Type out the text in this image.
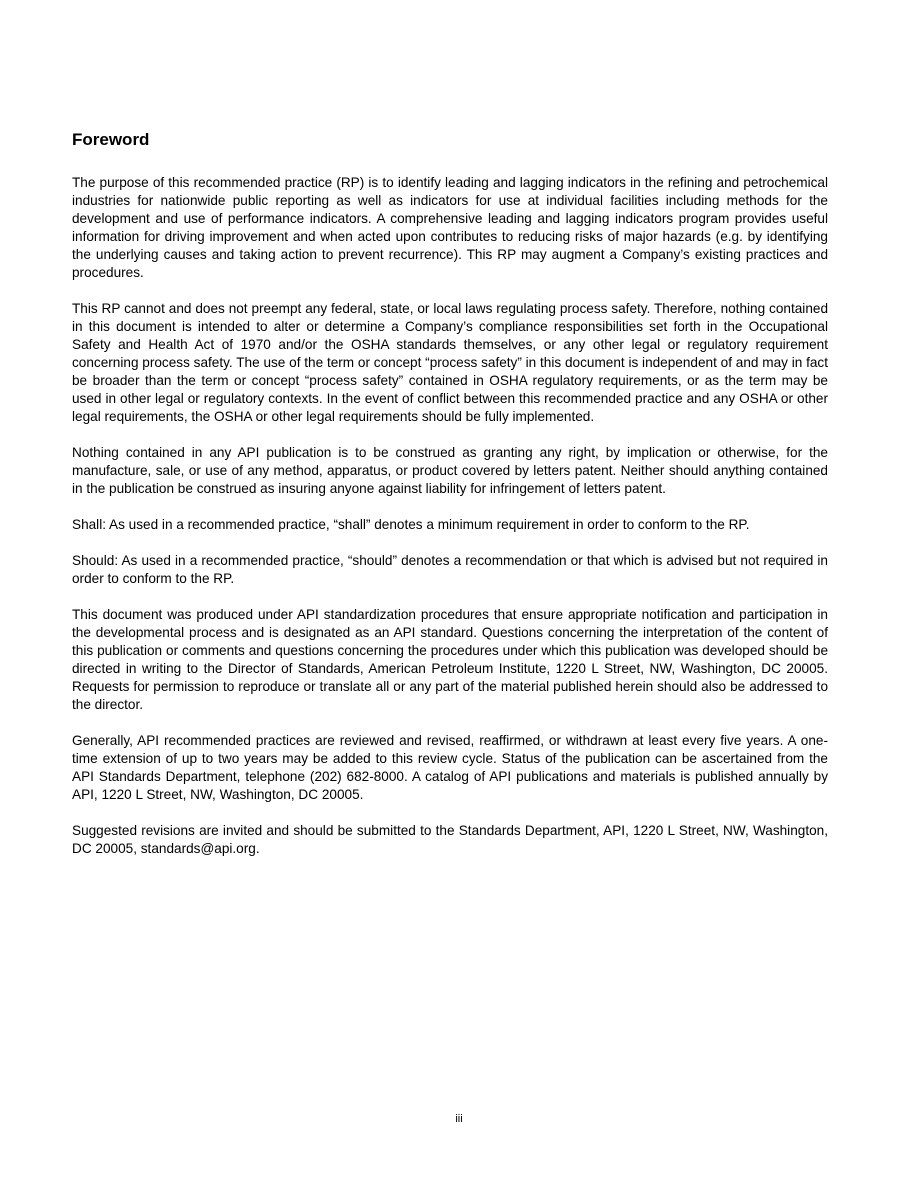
Foreword

The purpose of this recommended practice (RP) is to identify leading and lagging indicators in the refining and petrochemical industries for nationwide public reporting as well as indicators for use at individual facilities including methods for the development and use of performance indicators. A comprehensive leading and lagging indicators program provides useful information for driving improvement and when acted upon contributes to reducing risks of major hazards (e.g. by identifying the underlying causes and taking action to prevent recurrence). This RP may augment a Company’s existing practices and procedures.

This RP cannot and does not preempt any federal, state, or local laws regulating process safety. Therefore, nothing contained in this document is intended to alter or determine a Company’s compliance responsibilities set forth in the Occupational Safety and Health Act of 1970 and/or the OSHA standards themselves, or any other legal or regulatory requirement concerning process safety. The use of the term or concept “process safety” in this document is independent of and may in fact be broader than the term or concept “process safety” contained in OSHA regulatory requirements, or as the term may be used in other legal or regulatory contexts. In the event of conflict between this recommended practice and any OSHA or other legal requirements, the OSHA or other legal requirements should be fully implemented.

Nothing contained in any API publication is to be construed as granting any right, by implication or otherwise, for the manufacture, sale, or use of any method, apparatus, or product covered by letters patent. Neither should anything contained in the publication be construed as insuring anyone against liability for infringement of letters patent.

Shall: As used in a recommended practice, “shall” denotes a minimum requirement in order to conform to the RP.

Should: As used in a recommended practice, “should” denotes a recommendation or that which is advised but not required in order to conform to the RP.

This document was produced under API standardization procedures that ensure appropriate notification and participation in the developmental process and is designated as an API standard. Questions concerning the interpretation of the content of this publication or comments and questions concerning the procedures under which this publication was developed should be directed in writing to the Director of Standards, American Petroleum Institute, 1220 L Street, NW, Washington, DC 20005. Requests for permission to reproduce or translate all or any part of the material published herein should also be addressed to the director.

Generally, API recommended practices are reviewed and revised, reaffirmed, or withdrawn at least every five years. A one-time extension of up to two years may be added to this review cycle. Status of the publication can be ascertained from the API Standards Department, telephone (202) 682-8000. A catalog of API publications and materials is published annually by API, 1220 L Street, NW, Washington, DC 20005.

Suggested revisions are invited and should be submitted to the Standards Department, API, 1220 L Street, NW, Washington, DC 20005, standards@api.org.

iii
